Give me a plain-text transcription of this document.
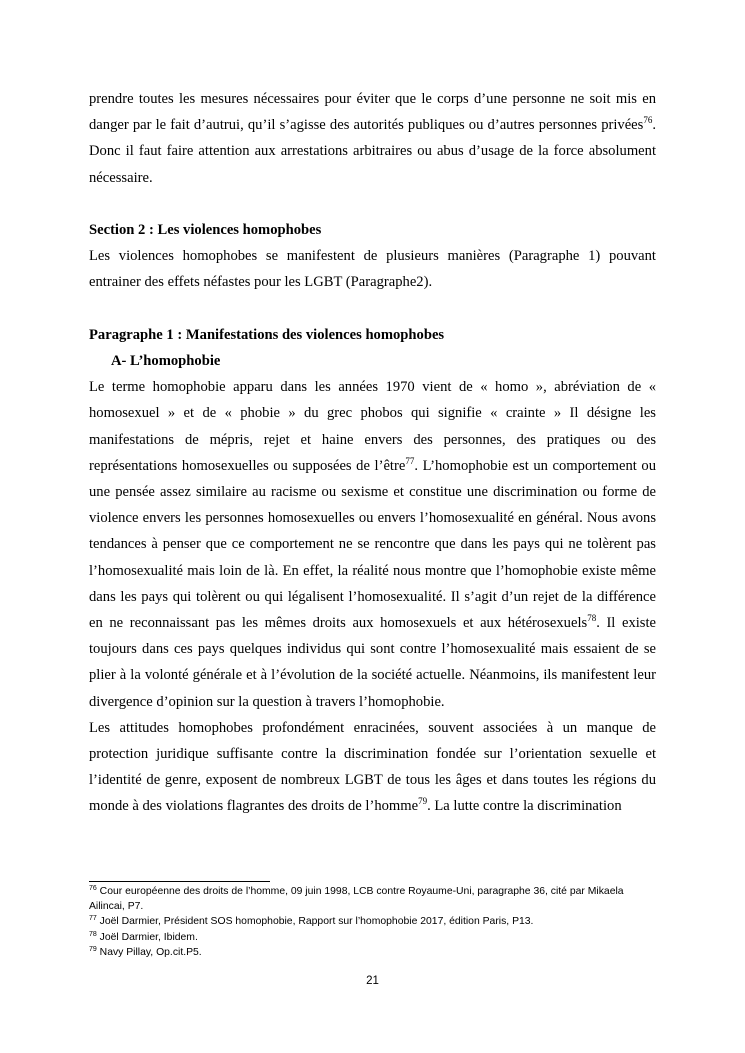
prendre toutes les mesures nécessaires pour éviter que le corps d’une personne ne soit mis en danger par le fait d’autrui, qu’il s’agisse des autorités publiques ou d’autres personnes privées$^{76}$. Donc il faut faire attention aux arrestations arbitraires ou abus d’usage de la force absolument nécessaire.

Section 2 : Les violences homophobes

Les violences homophobes se manifestent de plusieurs manières (Paragraphe 1) pouvant entrainer des effets néfastes pour les LGBT (Paragraphe2).

Paragraphe 1 : Manifestations des violences homophobes

A- L’homophobie

Le terme homophobie apparu dans les années 1970 vient de « homo », abréviation de « homosexuel » et de « phobie » du grec phobos qui signifie « crainte » Il désigne les manifestations de mépris, rejet et haine envers des personnes, des pratiques ou des représentations homosexuelles ou supposées de l’être$^{77}$. L’homophobie est un comportement ou une pensée assez similaire au racisme ou sexisme et constitue une discrimination ou forme de violence envers les personnes homosexuelles ou envers l’homosexualité en général. Nous avons tendances à penser que ce comportement ne se rencontre que dans les pays qui ne tolèrent pas l’homosexualité mais loin de là. En effet, la réalité nous montre que l’homophobie existe même dans les pays qui tolèrent ou qui légalisent l’homosexualité. Il s’agit d’un rejet de la différence en ne reconnaissant pas les mêmes droits aux homosexuels et aux hétérosexuels$^{78}$. Il existe toujours dans ces pays quelques individus qui sont contre l’homosexualité mais essaient de se plier à la volonté générale et à l’évolution de la société actuelle. Néanmoins, ils manifestent leur divergence d’opinion sur la question à travers l’homophobie.

Les attitudes homophobes profondément enracinées, souvent associées à un manque de protection juridique suffisante contre la discrimination fondée sur l’orientation sexuelle et l’identité de genre, exposent de nombreux LGBT de tous les âges et dans toutes les régions du monde à des violations flagrantes des droits de l’homme$^{79}$. La lutte contre la discrimination

$^{76}$ Cour européenne des droits de l’homme, 09 juin 1998, LCB contre Royaume-Uni, paragraphe 36, cité par Mikaela Ailincai, P7.

$^{77}$ Joël Darmier, Président SOS homophobie, Rapport sur l’homophobie 2017, édition Paris, P13.

$^{78}$ Joël Darmier, Ibidem.

$^{79}$ Navy Pillay, Op.cit.P5.

21
